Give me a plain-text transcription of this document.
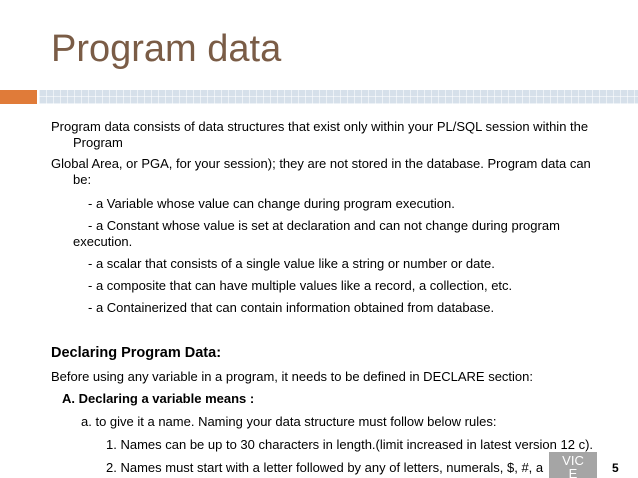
Program data
Program data consists of data structures that exist only within your PL/SQL session within the
Program
Global Area, or PGA, for your session); they are not stored in the database. Program data can
be:
- a Variable whose value can change during program execution.
- a Constant whose value is set at declaration and can not change during program
execution.
- a scalar that consists of a single value like a string or number or date.
- a composite that can have multiple values like a record, a collection, etc.
- a Containerized that can contain information obtained from database.
Declaring Program Data:
Before using any variable in a program, it needs to be defined in DECLARE section:
A. Declaring a variable means :
a. to give it a name. Naming your data structure must follow below rules:
1. Names can be up to 30 characters in length.(limit increased in latest version 12 c).
2. Names must start with a letter followed by any of letters, numerals, $, #, a	VIC
E	5
